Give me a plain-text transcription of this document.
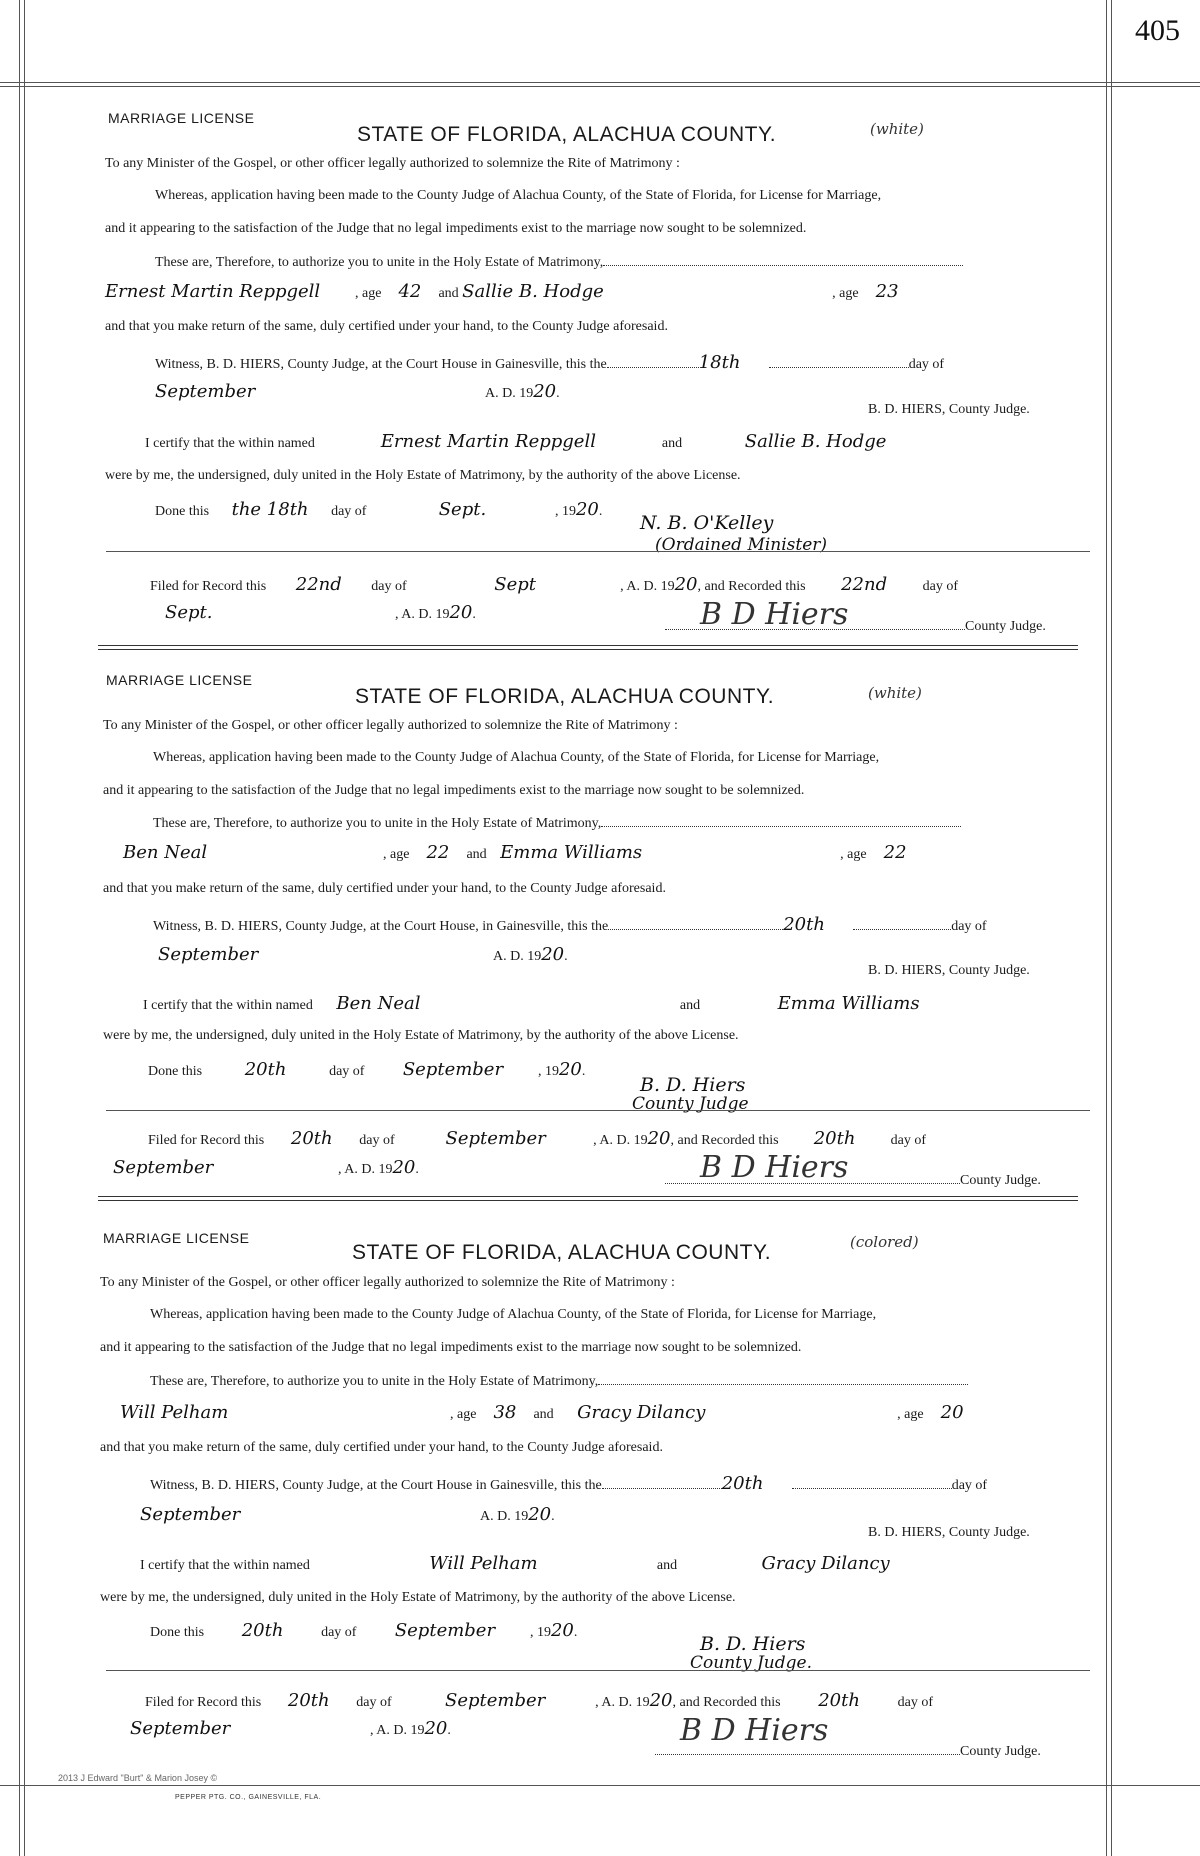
405
MARRIAGE LICENSE
STATE OF FLORIDA, ALACHUA COUNTY.	(white)
To any Minister of the Gospel, or other officer legally authorized to solemnize the Rite of Matrimony :
Whereas, application having been made to the County Judge of Alachua County, of the State of Florida, for License for Marriage,
and it appearing to the satisfaction of the Judge that no legal impediments exist to the marriage now sought to be solemnized.
These are, Therefore, to authorize you to unite in the Holy Estate of Matrimony,
Ernest Martin Reppgell , age 42 and Sallie B. Hodge	, age 23
and that you make return of the same, duly certified under your hand, to the County Judge aforesaid.
Witness, B. D. HIERS, County Judge, at the Court House in Gainesville, this the	18th	day of
September	A. D. 1920.
B. D. HIERS, County Judge.
I certify that the within named	Ernest Martin Reppgell	and	Sallie B. Hodge
were by me, the undersigned, duly united in the Holy Estate of Matrimony, by the authority of the above License.
Done this the 18th day of	Sept.	, 1920.
N. B. O'Kelley
(Ordained Minister)
Filed for Record this 22nd day of	Sept	, A. D. 1920, and Recorded this 22nd	day of
Sept.	, A. D. 1920.	B D Hiers	County Judge.
MARRIAGE LICENSE
STATE OF FLORIDA, ALACHUA COUNTY.	(white)
To any Minister of the Gospel, or other officer legally authorized to solemnize the Rite of Matrimony :
Whereas, application having been made to the County Judge of Alachua County, of the State of Florida, for License for Marriage,
and it appearing to the satisfaction of the Judge that no legal impediments exist to the marriage now sought to be solemnized.
These are, Therefore, to authorize you to unite in the Holy Estate of Matrimony,
Ben Neal	, age 22 and Emma Williams	, age 22
and that you make return of the same, duly certified under your hand, to the County Judge aforesaid.
Witness, B. D. HIERS, County Judge, at the Court House, in Gainesville, this the	20th	day of
September	A. D. 1920.
B. D. HIERS, County Judge.
I certify that the within named Ben Neal	and	Emma Williams
were by me, the undersigned, duly united in the Holy Estate of Matrimony, by the authority of the above License.
Done this 20th	day of September , 1920.
B. D. Hiers
County Judge
Filed for Record this 20th day of	September	, A. D. 1920, and Recorded this 20th	day of
September	, A. D. 1920.	B D Hiers	County Judge.
MARRIAGE LICENSE
STATE OF FLORIDA, ALACHUA COUNTY.	(colored)
To any Minister of the Gospel, or other officer legally authorized to solemnize the Rite of Matrimony :
Whereas, application having been made to the County Judge of Alachua County, of the State of Florida, for License for Marriage,
and it appearing to the satisfaction of the Judge that no legal impediments exist to the marriage now sought to be solemnized.
These are, Therefore, to authorize you to unite in the Holy Estate of Matrimony,
Will Pelham	, age 38 and Gracy Dilancy	, age 20
and that you make return of the same, duly certified under your hand, to the County Judge aforesaid.
Witness, B. D. HIERS, County Judge, at the Court House in Gainesville, this the	20th	day of
September	A. D. 1920.
B. D. HIERS, County Judge.
I certify that the within named	Will Pelham	and	Gracy Dilancy
were by me, the undersigned, duly united in the Holy Estate of Matrimony, by the authority of the above License.
Done this 20th	day of September , 1920.
B. D. Hiers
County Judge.
Filed for Record this 20th day of	September	, A. D. 1920, and Recorded this 20th	day of
September	, A. D. 1920.	B D Hiers
County Judge.
2013 J Edward "Burt" & Marion Josey ©
PEPPER PTG. CO., GAINESVILLE, FLA.
